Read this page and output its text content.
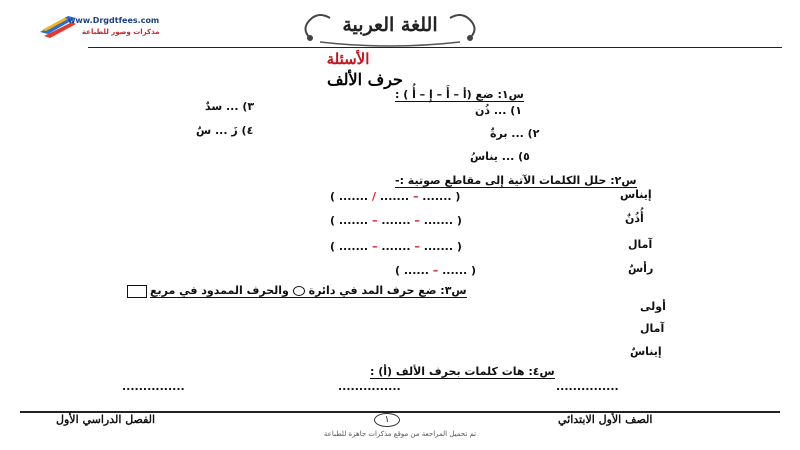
www.Drgdtfees.com
مذكرات وصور للطباعة	اللغة العربية
الأسئلة
حرف الألف
س۱: ضع (أ – أَ – إِ – أُ ) :
۱) ... ذُن
۲) ... برةٌ
۳) ... سدٌ
٤) زَ ... سٌ
٥) ... يناسُ
س۲: حلل الكلمات الآتية إلى مقاطع صوتية :-
إيناس
( ....... / ....... – ....... )
أُذُنٌ
( ....... – ....... – ....... )
آمال
( ....... – ....... – ....... )
رأسٌ
( ...... – ...... )
س۳: ضع حرف المد في دائرة  والحرف الممدود في مربع
أولى
آمال
إيناسٌ
س٤: هات كلمات بحرف الألف (أ) :
...............
...............
...............
الصف الأول الابتدائي
١
الفصل الدراسي الأول
تم تحميل المراجعة من موقع مذكرات جاهزة للطباعة
